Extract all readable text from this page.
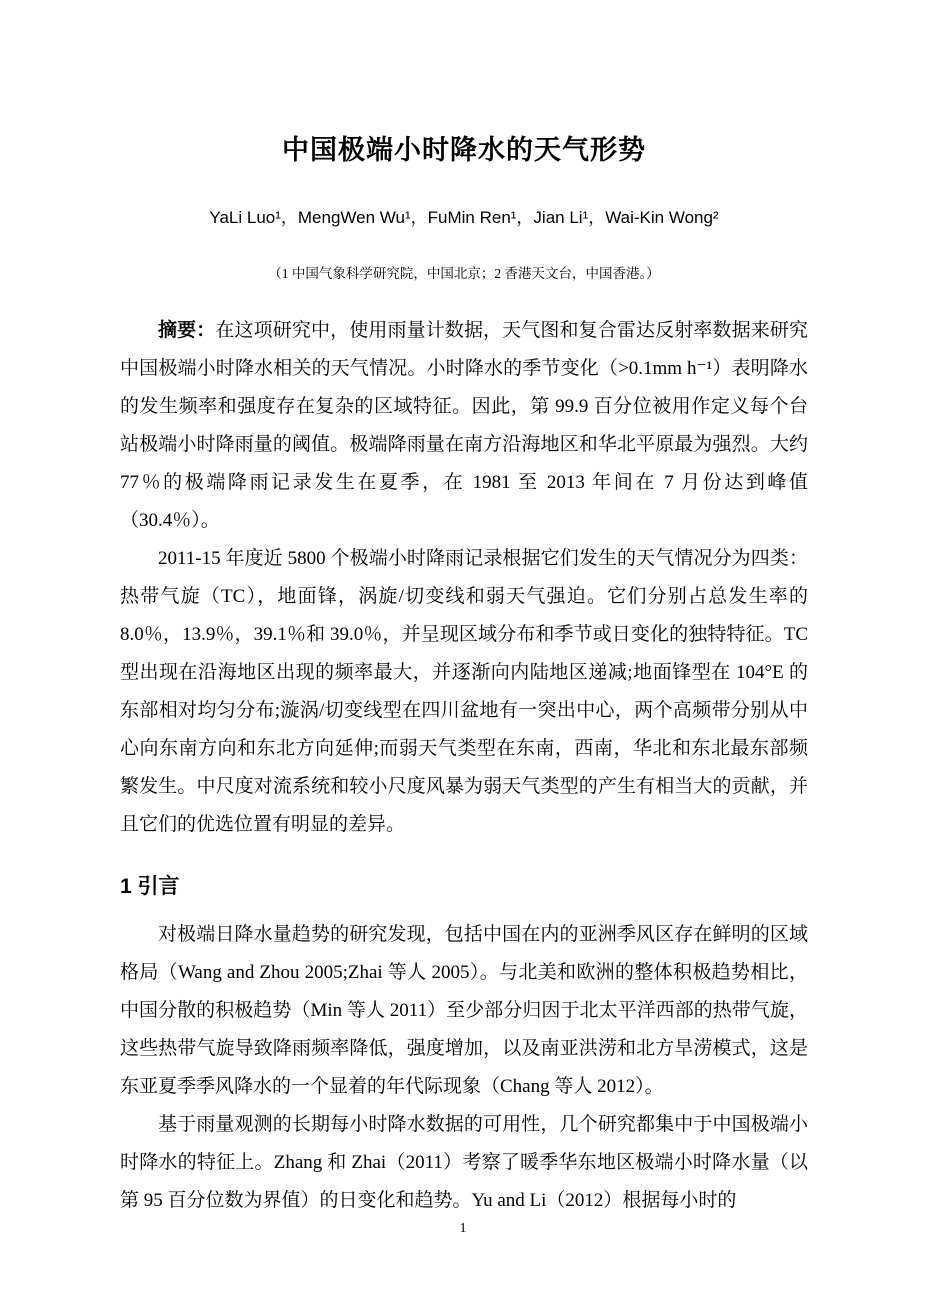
中国极端小时降水的天气形势
YaLi Luo¹，MengWen Wu¹，FuMin Ren¹，Jian Li¹，Wai-Kin Wong²
（1 中国气象科学研究院，中国北京；2 香港天文台，中国香港。）

摘要：在这项研究中，使用雨量计数据，天气图和复合雷达反射率数据来研究中国极端小时降水相关的天气情况。小时降水的季节变化（>0.1mm h⁻¹）表明降水的发生频率和强度存在复杂的区域特征。因此，第 99.9 百分位被用作定义每个台站极端小时降雨量的阈值。极端降雨量在南方沿海地区和华北平原最为强烈。大约 77％的极端降雨记录发生在夏季，在 1981 至 2013 年间在 7 月份达到峰值（30.4％）。

2011-15 年度近 5800 个极端小时降雨记录根据它们发生的天气情况分为四类：热带气旋（TC），地面锋，涡旋/切变线和弱天气强迫。它们分别占总发生率的 8.0％，13.9％，39.1％和 39.0％，并呈现区域分布和季节或日变化的独特特征。TC 型出现在沿海地区出现的频率最大，并逐渐向内陆地区递减;地面锋型在 104°E 的东部相对均匀分布;漩涡/切变线型在四川盆地有一突出中心，两个高频带分别从中心向东南方向和东北方向延伸;而弱天气类型在东南，西南，华北和东北最东部频繁发生。中尺度对流系统和较小尺度风暴为弱天气类型的产生有相当大的贡献，并且它们的优选位置有明显的差异。

1 引言

对极端日降水量趋势的研究发现，包括中国在内的亚洲季风区存在鲜明的区域格局（Wang and Zhou 2005;Zhai 等人 2005）。与北美和欧洲的整体积极趋势相比，中国分散的积极趋势（Min 等人 2011）至少部分归因于北太平洋西部的热带气旋，这些热带气旋导致降雨频率降低，强度增加，以及南亚洪涝和北方旱涝模式，这是东亚夏季季风降水的一个显着的年代际现象（Chang 等人 2012）。

基于雨量观测的长期每小时降水数据的可用性，几个研究都集中于中国极端小时降水的特征上。Zhang 和 Zhai（2011）考察了暖季华东地区极端小时降水量（以第 95 百分位数为界值）的日变化和趋势。Yu and Li（2012）根据每小时的

1
